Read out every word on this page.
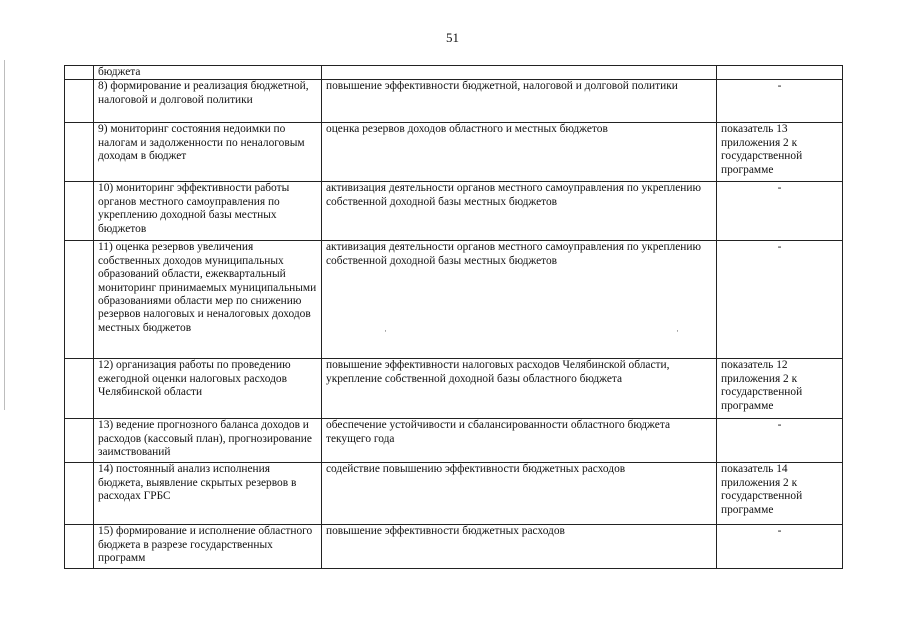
51
	бюджета		
	8) формирование и реализация бюджетной, налоговой и долговой политики	повышение эффективности бюджетной, налоговой и долговой политики	-
	9) мониторинг состояния недоимки по налогам и задолженности по неналоговым доходам в бюджет	оценка резервов доходов областного и местных бюджетов	показатель 13 приложения 2 к государственной программе
	10) мониторинг эффективности работы органов местного самоуправления по укреплению доходной базы местных бюджетов	активизация деятельности органов местного самоуправления по укреплению собственной доходной базы местных бюджетов	-
	11) оценка резервов увеличения собственных доходов муниципальных образований области, ежеквартальный мониторинг принимаемых муниципальными образованиями области мер по снижению резервов налоговых и неналоговых доходов местных бюджетов	активизация деятельности органов местного самоуправления по укреплению собственной доходной базы местных бюджетов	-
	12) организация работы по проведению ежегодной оценки налоговых расходов Челябинской области	повышение эффективности налоговых расходов Челябинской области, укрепление собственной доходной базы областного бюджета	показатель 12 приложения 2 к государственной программе
	13) ведение прогнозного баланса доходов и расходов (кассовый план), прогнозирование заимствований	обеспечение устойчивости и сбалансированности областного бюджета текущего года	-
	14) постоянный анализ исполнения бюджета, выявление скрытых резервов в расходах ГРБС	содействие повышению эффективности бюджетных расходов	показатель 14 приложения 2 к государственной программе
	15) формирование и исполнение областного бюджета в разрезе государственных программ	повышение эффективности бюджетных расходов	-
·	·
